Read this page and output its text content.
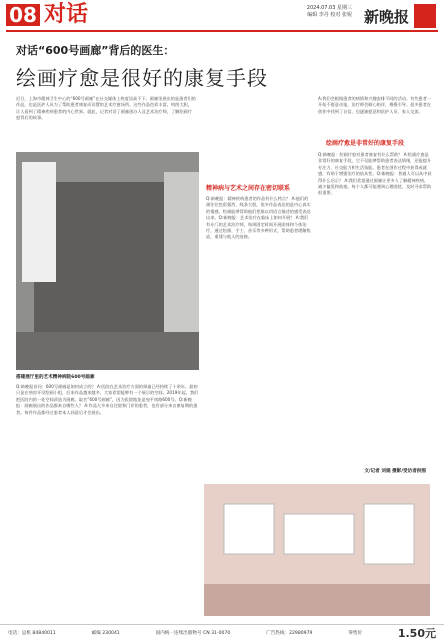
08 对话	2024.07.03 星期三
编辑 李丹 校对 张妮 新晚报
对话“600号画廊”背后的医生：
绘画疗愈是很好的康复手段
近日，上海市精神卫生中心的“600号画廊”在社交媒体上热度居高不下。画廊里展出的是患者们的作品，也是医护人员为了帮助患者康复而设置的艺术疗愈场所。这些作品色彩丰富，构图大胆，让人看到了精神疾病患者的内心世界。就此，记者对话了画廊创办人及艺术治疗师，了解绘画疗愈背后的故事。
搭建展厅里的艺术精神病院600号画廊
Q:新晚报首问：600号画廊是如何成立的？ A:医院在艺术治疗方面的探索已经持续了十余年。最初只是在病房开设绘画小组，后来作品越来越多，大家希望能够有一个展示的空间。2019年起，我们把医院内的一处空间改造为画廊，取名“600号画廊”，因为医院地址是宛平南路600号。Q:新晚报：画廊展出的作品都来自哪些人？ A:作品大多来自住院和门诊的患者，也有部分来自康复期的患者。每件作品都经过患者本人同意后才会展出。
精神病与艺术之间存在密切联系
Q:新晚报：精神疾病患者的作品有什么特点？ A:他们的画往往色彩强烈、线条大胆，很多作品表达的是内心真实的情感。绘画能够帮助他们把难以用语言描述的感受表达出来。Q:新晚报：艺术治疗在临床上如何开展？ A:我们有专门的艺术治疗师，每周固定时间开展团体和个体治疗，通过绘画、手工、音乐等多种形式，帮助患者缓解焦虑，重建与他人的连接。
A:我们会根据患者的病情和兴趣安排不同的活动。有些患者一开始不愿意动笔，治疗师会耐心陪伴，慢慢引导。很多患者在创作中找到了自信，也逐渐愿意和医护人员、家人交流。
绘画疗愈是非常好的康复手段
Q:新晚报：绘画疗愈对患者康复有什么帮助？ A:绘画疗愈是非常好的康复手段，它不仅能够帮助患者表达情绪，还能提升专注力、社交能力和生活技能。患者在创作过程中获得成就感，有助于增强治疗的依从性。Q:新晚报：普通人可以从中获得什么启示？ A:我们希望通过画廊让更多人了解精神疾病，减少偏见和歧视。每个人都可能遇到心理困扰，及时寻求帮助很重要。
文/记者 刘娟 摄影/受访者供图
电话：总机 84840011	邮编 230041	国内统一连续出版物号 CN 31-0070	广告热线：22980979	零售价	1.50元
